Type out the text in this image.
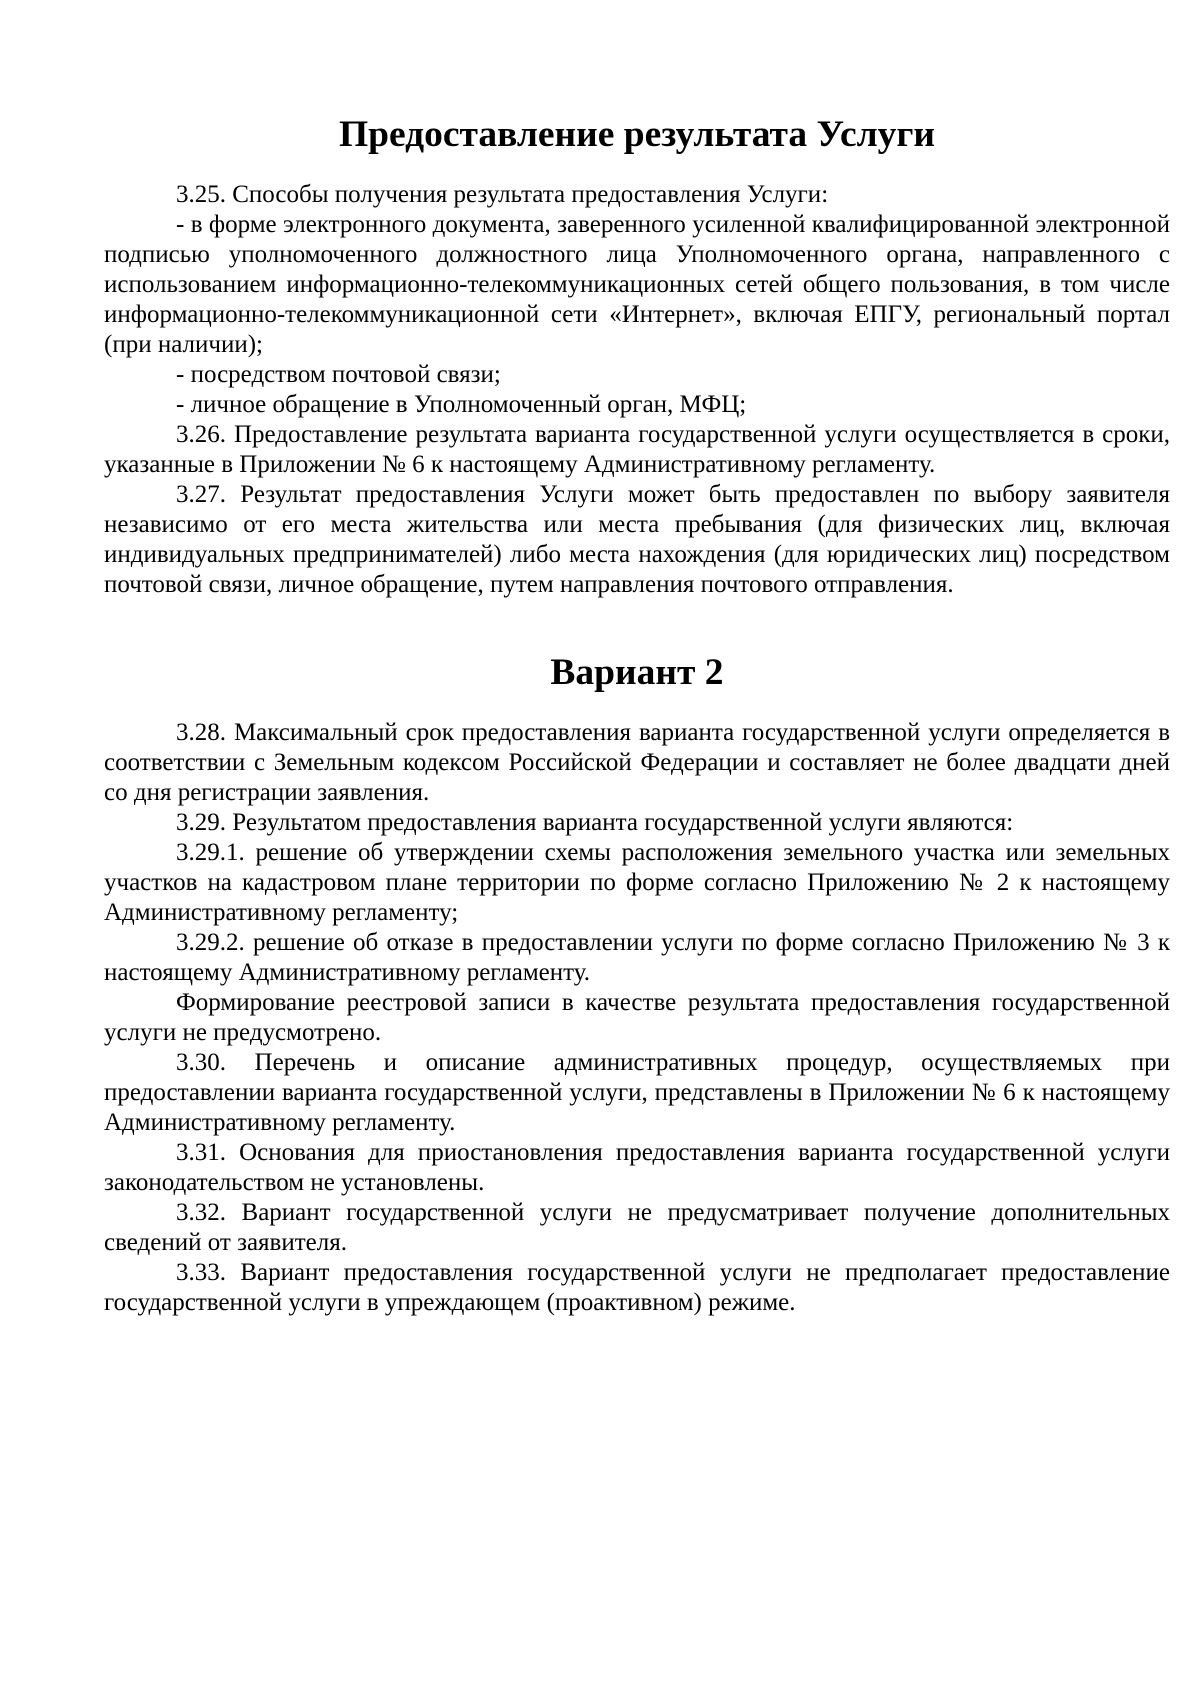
Предоставление результата Услуги

3.25. Способы получения результата предоставления Услуги:

- в форме электронного документа, заверенного усиленной квалифицированной электронной подписью уполномоченного должностного лица Уполномоченного органа, направленного с использованием информационно-телекоммуникационных сетей общего пользования, в том числе информационно-телекоммуникационной сети «Интернет», включая ЕПГУ, региональный портал (при наличии);

- посредством почтовой связи;

- личное обращение в Уполномоченный орган, МФЦ;

3.26. Предоставление результата варианта государственной услуги осуществляется в сроки, указанные в Приложении № 6 к настоящему Административному регламенту.

3.27. Результат предоставления Услуги может быть предоставлен по выбору заявителя независимо от его места жительства или места пребывания (для физических лиц, включая индивидуальных предпринимателей) либо места нахождения (для юридических лиц) посредством почтовой связи, личное обращение, путем направления почтового отправления.

Вариант 2

3.28. Максимальный срок предоставления варианта государственной услуги определяется в соответствии с Земельным кодексом Российской Федерации и составляет не более двадцати дней со дня регистрации заявления.

3.29. Результатом предоставления варианта государственной услуги являются:

3.29.1. решение об утверждении схемы расположения земельного участка или земельных участков на кадастровом плане территории по форме согласно Приложению № 2 к настоящему Административному регламенту;

3.29.2. решение об отказе в предоставлении услуги по форме согласно Приложению № 3 к настоящему Административному регламенту.

Формирование реестровой записи в качестве результата предоставления государственной услуги не предусмотрено.

3.30. Перечень и описание административных процедур, осуществляемых при предоставлении варианта государственной услуги, представлены в Приложении № 6 к настоящему Административному регламенту.

3.31. Основания для приостановления предоставления варианта государственной услуги законодательством не установлены.

3.32. Вариант государственной услуги не предусматривает получение дополнительных сведений от заявителя.

3.33. Вариант предоставления государственной услуги не предполагает предоставление государственной услуги в упреждающем (проактивном) режиме.
